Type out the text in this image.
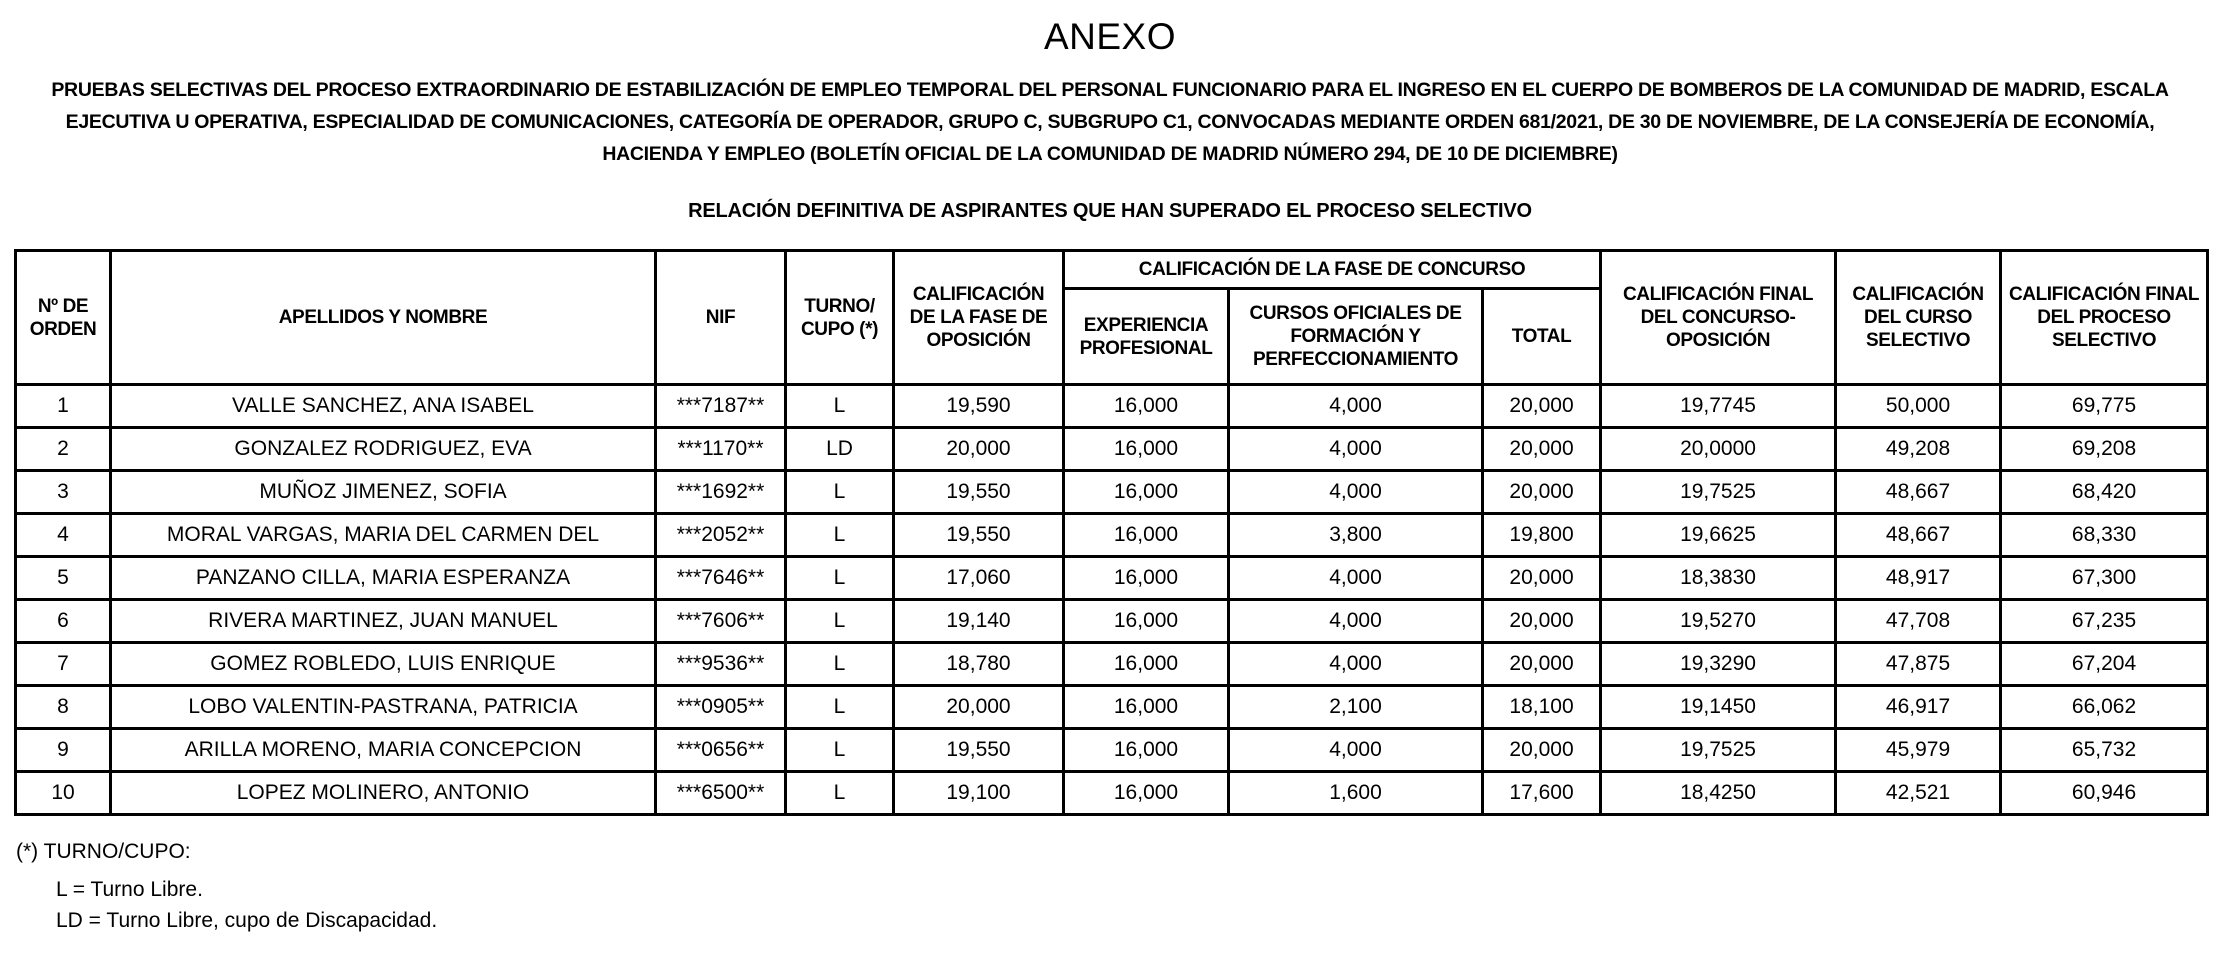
ANEXO

PRUEBAS SELECTIVAS DEL PROCESO EXTRAORDINARIO DE ESTABILIZACIÓN DE EMPLEO TEMPORAL DEL PERSONAL FUNCIONARIO PARA EL INGRESO EN EL CUERPO DE BOMBEROS DE LA COMUNIDAD DE MADRID, ESCALA EJECUTIVA U OPERATIVA, ESPECIALIDAD DE COMUNICACIONES, CATEGORÍA DE OPERADOR, GRUPO C, SUBGRUPO C1, CONVOCADAS MEDIANTE ORDEN 681/2021, DE 30 DE NOVIEMBRE, DE LA CONSEJERÍA DE ECONOMÍA, HACIENDA Y EMPLEO (BOLETÍN OFICIAL DE LA COMUNIDAD DE MADRID NÚMERO 294, DE 10 DE DICIEMBRE)

RELACIÓN DEFINITIVA DE ASPIRANTES QUE HAN SUPERADO EL PROCESO SELECTIVO

Nº DE ORDEN	APELLIDOS Y NOMBRE	NIF	TURNO/ CUPO (*)	CALIFICACIÓN DE LA FASE DE OPOSICIÓN	CALIFICACIÓN DE LA FASE DE CONCURSO			CALIFICACIÓN FINAL DEL CONCURSO- OPOSICIÓN	CALIFICACIÓN DEL CURSO SELECTIVO	CALIFICACIÓN FINAL DEL PROCESO SELECTIVO
					EXPERIENCIA PROFESIONAL	CURSOS OFICIALES DE FORMACIÓN Y PERFECCIONAMIENTO	TOTAL			
1	VALLE SANCHEZ, ANA ISABEL	***7187**	L	19,590	16,000	4,000	20,000	19,7745	50,000	69,775
2	GONZALEZ RODRIGUEZ, EVA	***1170**	LD	20,000	16,000	4,000	20,000	20,0000	49,208	69,208
3	MUÑOZ JIMENEZ, SOFIA	***1692**	L	19,550	16,000	4,000	20,000	19,7525	48,667	68,420
4	MORAL VARGAS, MARIA DEL CARMEN DEL	***2052**	L	19,550	16,000	3,800	19,800	19,6625	48,667	68,330
5	PANZANO CILLA, MARIA ESPERANZA	***7646**	L	17,060	16,000	4,000	20,000	18,3830	48,917	67,300
6	RIVERA MARTINEZ, JUAN MANUEL	***7606**	L	19,140	16,000	4,000	20,000	19,5270	47,708	67,235
7	GOMEZ ROBLEDO, LUIS ENRIQUE	***9536**	L	18,780	16,000	4,000	20,000	19,3290	47,875	67,204
8	LOBO VALENTIN-PASTRANA, PATRICIA	***0905**	L	20,000	16,000	2,100	18,100	19,1450	46,917	66,062
9	ARILLA MORENO, MARIA CONCEPCION	***0656**	L	19,550	16,000	4,000	20,000	19,7525	45,979	65,732
10	LOPEZ MOLINERO, ANTONIO	***6500**	L	19,100	16,000	1,600	17,600	18,4250	42,521	60,946

(*) TURNO/CUPO:

L = Turno Libre.

LD = Turno Libre, cupo de Discapacidad.
